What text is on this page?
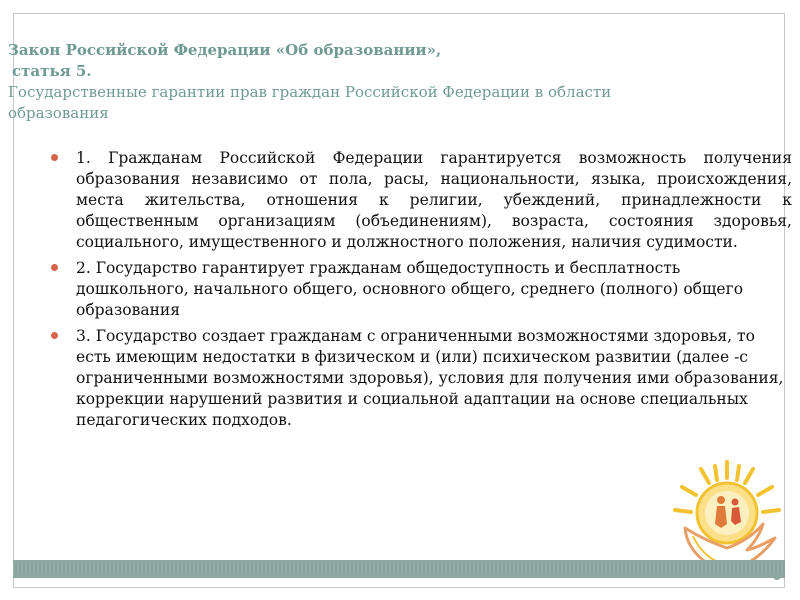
Закон Российской Федерации «Об образовании»,
статья 5.
Государственные гарантии прав граждан Российской Федерации в области образования
1. Гражданам Российской Федерации гарантируется возможность получения образования независимо от пола, расы, национальности, языка, происхождения, места жительства, отношения к религии, убеждений, принадлежности к общественным организациям (объединениям), возраста, состояния здоровья, социального, имущественного и должностного положения, наличия судимости.
2. Государство гарантирует гражданам общедоступность и бесплатность дошкольного, начального общего, основного общего, среднего (полного) общего образования
3. Государство создает гражданам с ограниченными возможностями здоровья, то есть имеющим недостатки в физическом и (или) психическом развитии (далее -с ограниченными возможностями здоровья), условия для получения ими образования, коррекции нарушений развития и социальной адаптации на основе специальных педагогических подходов.
